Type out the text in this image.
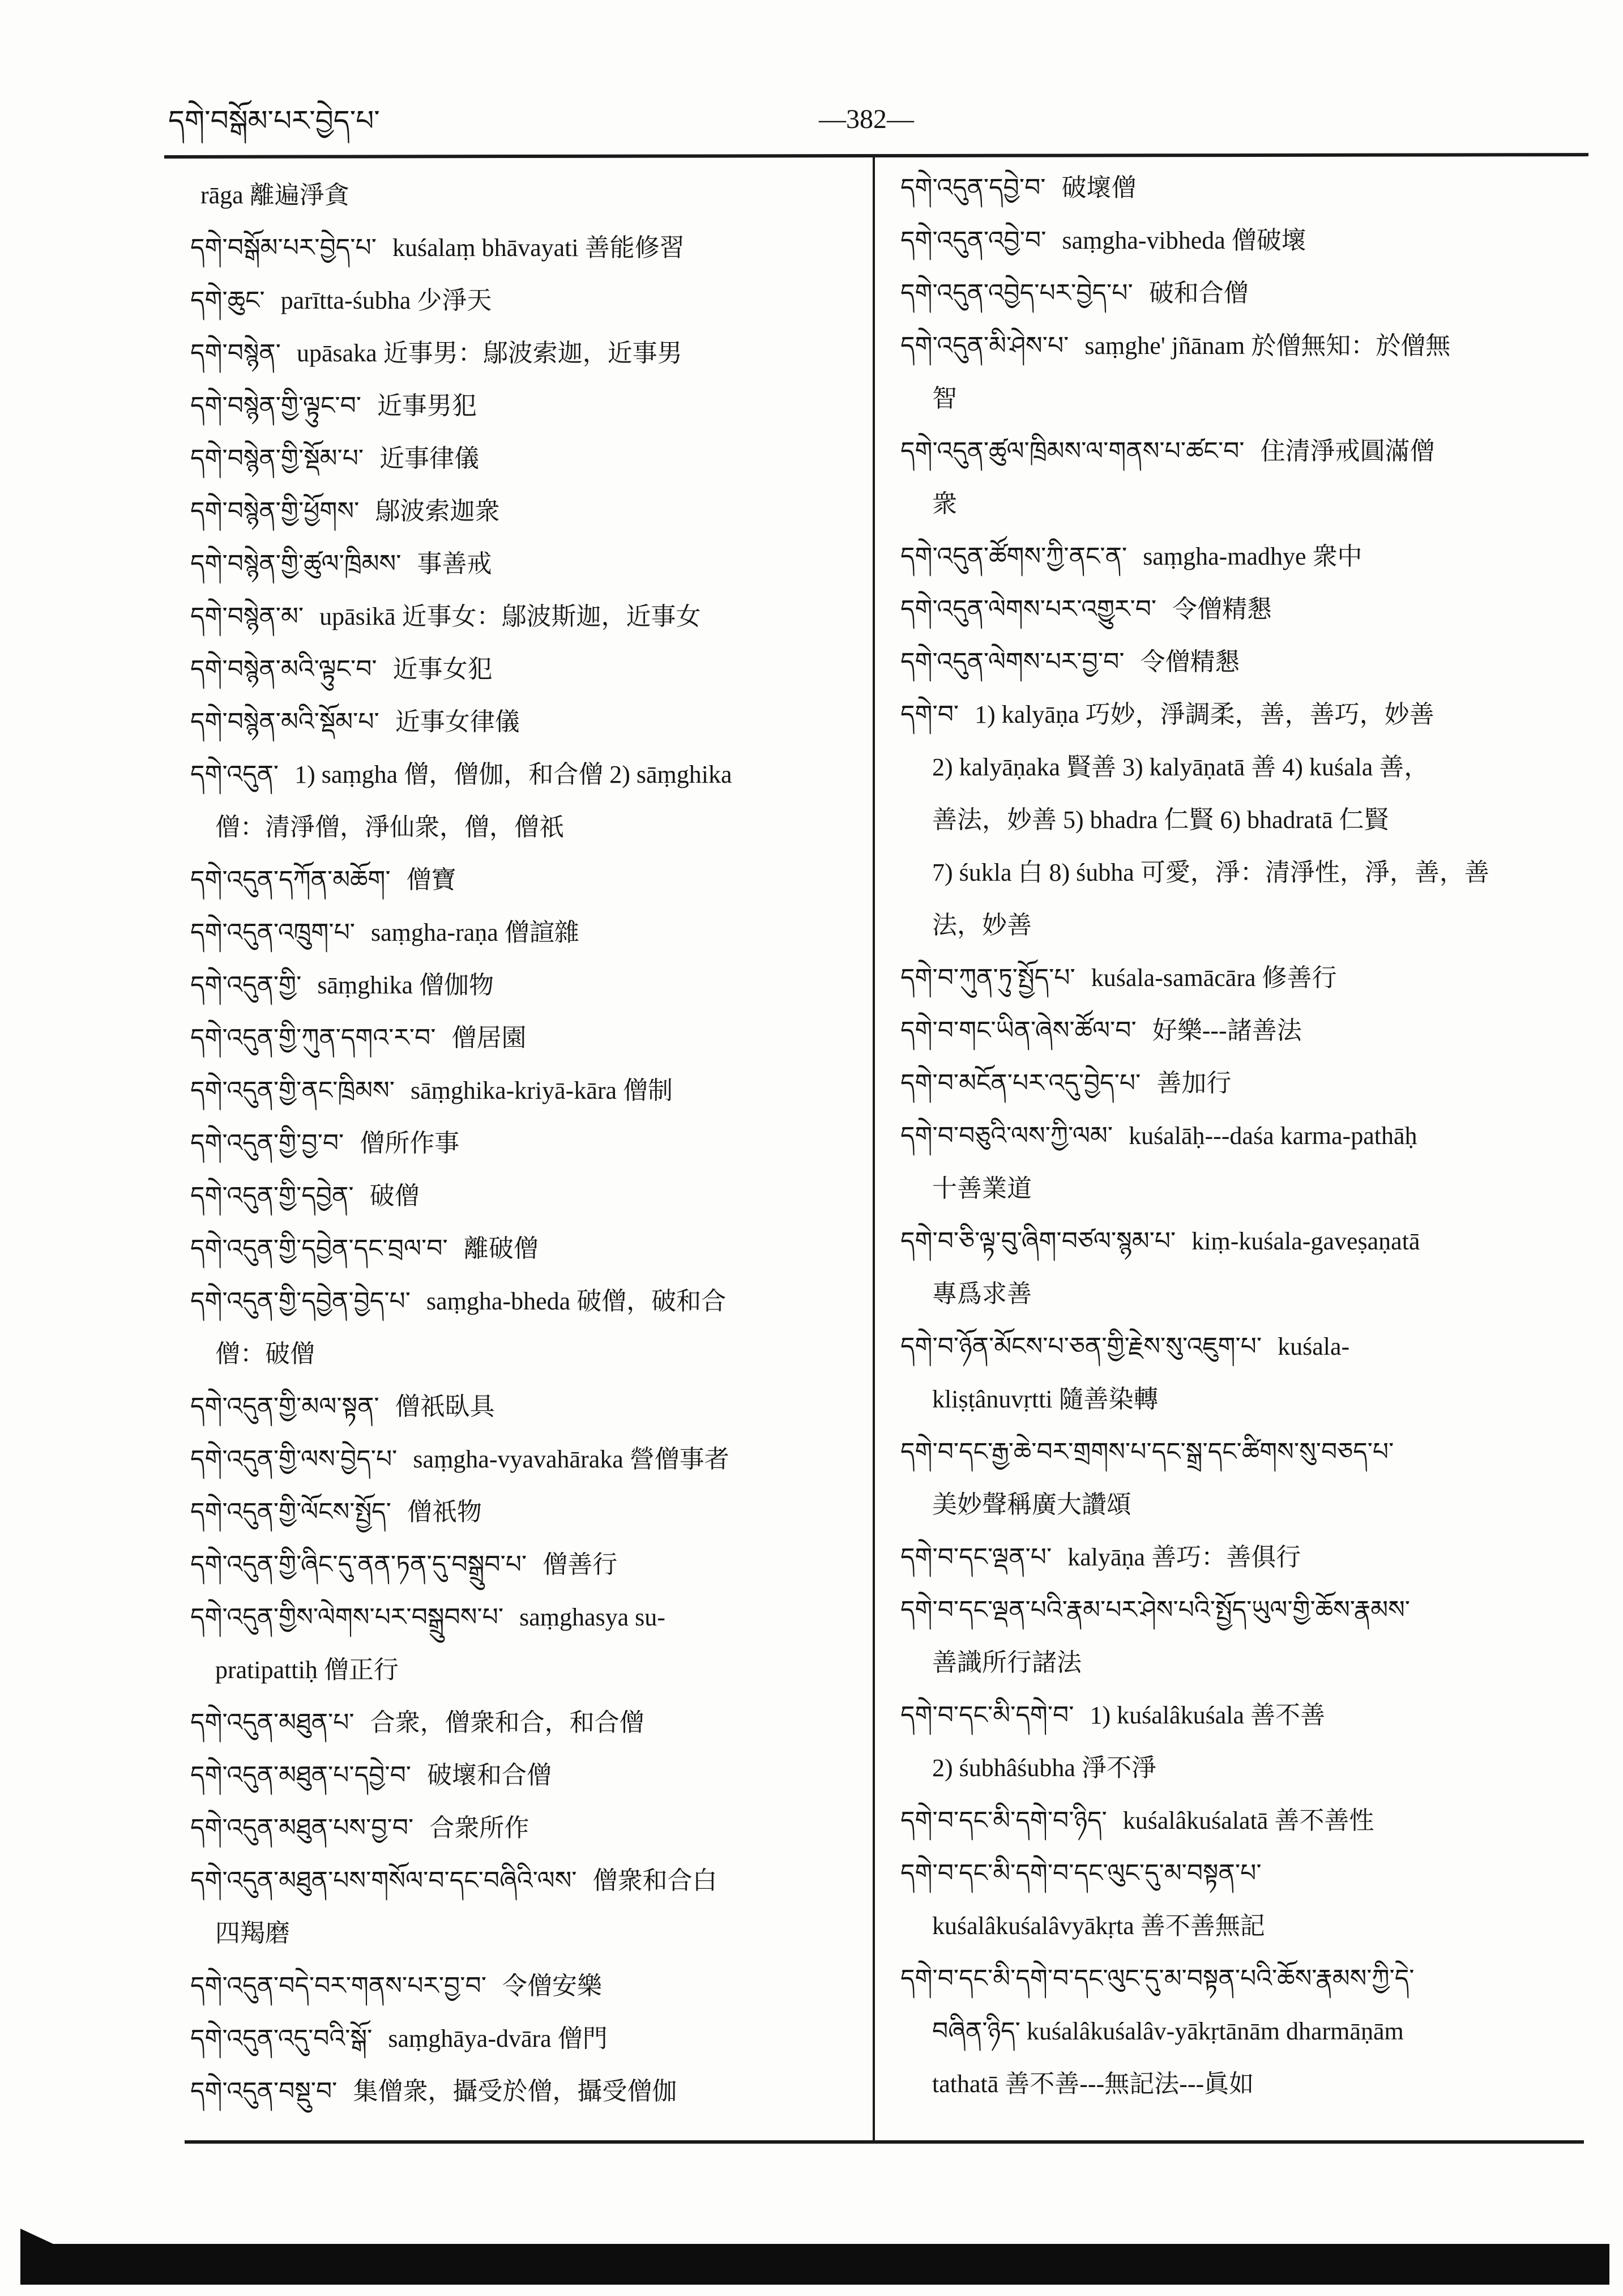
དགེ་བསྒོམ་པར་བྱེད་པ་	—382—
rāga 離遍淨貪
དགེ་བསྒོམ་པར་བྱེད་པ་ kuśalaṃ bhāvayati 善能修習
དགེ་ཆུང་ parītta-śubha 少淨天
དགེ་བསྙེན་ upāsaka 近事男：鄔波索迦，近事男
དགེ་བསྙེན་གྱི་ལྟུང་བ་ 近事男犯
དགེ་བསྙེན་གྱི་སྡོམ་པ་ 近事律儀
དགེ་བསྙེན་གྱི་ཕྱོགས་ 鄔波索迦衆
དགེ་བསྙེན་གྱི་ཚུལ་ཁྲིམས་ 事善戒
དགེ་བསྙེན་མ་ upāsikā 近事女：鄔波斯迦，近事女
དགེ་བསྙེན་མའི་ལྟུང་བ་ 近事女犯
དགེ་བསྙེན་མའི་སྡོམ་པ་ 近事女律儀
དགེ་འདུན་ 1) saṃgha 僧，僧伽，和合僧 2) sāṃghika
僧：清淨僧，淨仙衆，僧，僧祇
དགེ་འདུན་དཀོན་མཆོག་ 僧寶
དགེ་འདུན་འཁྲུག་པ་ saṃgha-raṇa 僧諠雜
དགེ་འདུན་གྱི་ sāṃghika 僧伽物
དགེ་འདུན་གྱི་ཀུན་དགའ་ར་བ་ 僧居園
དགེ་འདུན་གྱི་ནང་ཁྲིམས་ sāṃghika-kriyā-kāra 僧制
དགེ་འདུན་གྱི་བྱ་བ་ 僧所作事
དགེ་འདུན་གྱི་དབྱེན་ 破僧
དགེ་འདུན་གྱི་དབྱེན་དང་བྲལ་བ་ 離破僧
དགེ་འདུན་གྱི་དབྱེན་བྱེད་པ་ saṃgha-bheda 破僧，破和合
僧：破僧
དགེ་འདུན་གྱི་མལ་སྟན་ 僧祇臥具
དགེ་འདུན་གྱི་ལས་བྱེད་པ་ saṃgha-vyavahāraka 營僧事者
དགེ་འདུན་གྱི་ལོངས་སྤྱོད་ 僧祇物
དགེ་འདུན་གྱི་ཞིང་དུ་ནན་ཏན་དུ་བསྒྲུབ་པ་ 僧善行
དགེ་འདུན་གྱིས་ལེགས་པར་བསྒྲུབས་པ་ saṃghasya su-
pratipattiḥ 僧正行
དགེ་འདུན་མཐུན་པ་ 合衆，僧衆和合，和合僧
དགེ་འདུན་མཐུན་པ་དབྱེ་བ་ 破壞和合僧
དགེ་འདུན་མཐུན་པས་བྱ་བ་ 合衆所作
དགེ་འདུན་མཐུན་པས་གསོལ་བ་དང་བཞིའི་ལས་ 僧衆和合白
四羯磨
དགེ་འདུན་བདེ་བར་གནས་པར་བྱ་བ་ 令僧安樂
དགེ་འདུན་འདུ་བའི་སྒོ་ saṃghāya-dvāra 僧門
དགེ་འདུན་བསྡུ་བ་ 集僧衆，攝受於僧，攝受僧伽
དགེ་འདུན་དབྱེ་བ་ 破壞僧
དགེ་འདུན་འབྱེ་བ་ saṃgha-vibheda 僧破壞
དགེ་འདུན་འབྱེད་པར་བྱེད་པ་ 破和合僧
དགེ་འདུན་མི་ཤེས་པ་ saṃghe' jñānam 於僧無知：於僧無
智
དགེ་འདུན་ཚུལ་ཁྲིམས་ལ་གནས་པ་ཚང་བ་ 住清淨戒圓滿僧
衆
དགེ་འདུན་ཚོགས་ཀྱི་ནང་ན་ saṃgha-madhye 衆中
དགེ་འདུན་ལེགས་པར་འགྱུར་བ་ 令僧精懇
དགེ་འདུན་ལེགས་པར་བྱ་བ་ 令僧精懇
དགེ་བ་ 1) kalyāṇa 巧妙，淨調柔，善，善巧，妙善
2) kalyāṇaka 賢善 3) kalyāṇatā 善 4) kuśala 善，
善法，妙善 5) bhadra 仁賢 6) bhadratā 仁賢
7) śukla 白 8) śubha 可愛，淨：清淨性，淨，善，善
法，妙善
དགེ་བ་ཀུན་ཏུ་སྤྱོད་པ་ kuśala-samācāra 修善行
དགེ་བ་གང་ཡིན་ཞེས་ཚོལ་བ་ 好樂---諸善法
དགེ་བ་མངོན་པར་འདུ་བྱེད་པ་ 善加行
དགེ་བ་བཅུའི་ལས་ཀྱི་ལམ་ kuśalāḥ---daśa karma-pathāḥ
十善業道
དགེ་བ་ཅི་ལྟ་བུ་ཞིག་བཙལ་སྙམ་པ་ kiṃ-kuśala-gaveṣaṇatā
專爲求善
དགེ་བ་ཉོན་མོངས་པ་ཅན་གྱི་རྗེས་སུ་འཇུག་པ་ kuśala-
kliṣṭânuvṛtti 隨善染轉
དགེ་བ་དང་རྒྱ་ཆེ་བར་གྲགས་པ་དང་སྒྲ་དང་ཚིགས་སུ་བཅད་པ་
美妙聲稱廣大讚頌
དགེ་བ་དང་ལྡན་པ་ kalyāṇa 善巧：善俱行
དགེ་བ་དང་ལྡན་པའི་རྣམ་པར་ཤེས་པའི་སྤྱོད་ཡུལ་གྱི་ཆོས་རྣམས་
善識所行諸法
དགེ་བ་དང་མི་དགེ་བ་ 1) kuśalâkuśala 善不善
2) śubhâśubha 淨不淨
དགེ་བ་དང་མི་དགེ་བ་ཉིད་ kuśalâkuśalatā 善不善性
དགེ་བ་དང་མི་དགེ་བ་དང་ལུང་དུ་མ་བསྟན་པ་
kuśalâkuśalâvyākṛta 善不善無記
དགེ་བ་དང་མི་དགེ་བ་དང་ལུང་དུ་མ་བསྟན་པའི་ཆོས་རྣམས་ཀྱི་དེ་
བཞིན་ཉིད་ kuśalâkuśalâv-yākṛtānām dharmāṇām
tathatā 善不善---無記法---眞如
